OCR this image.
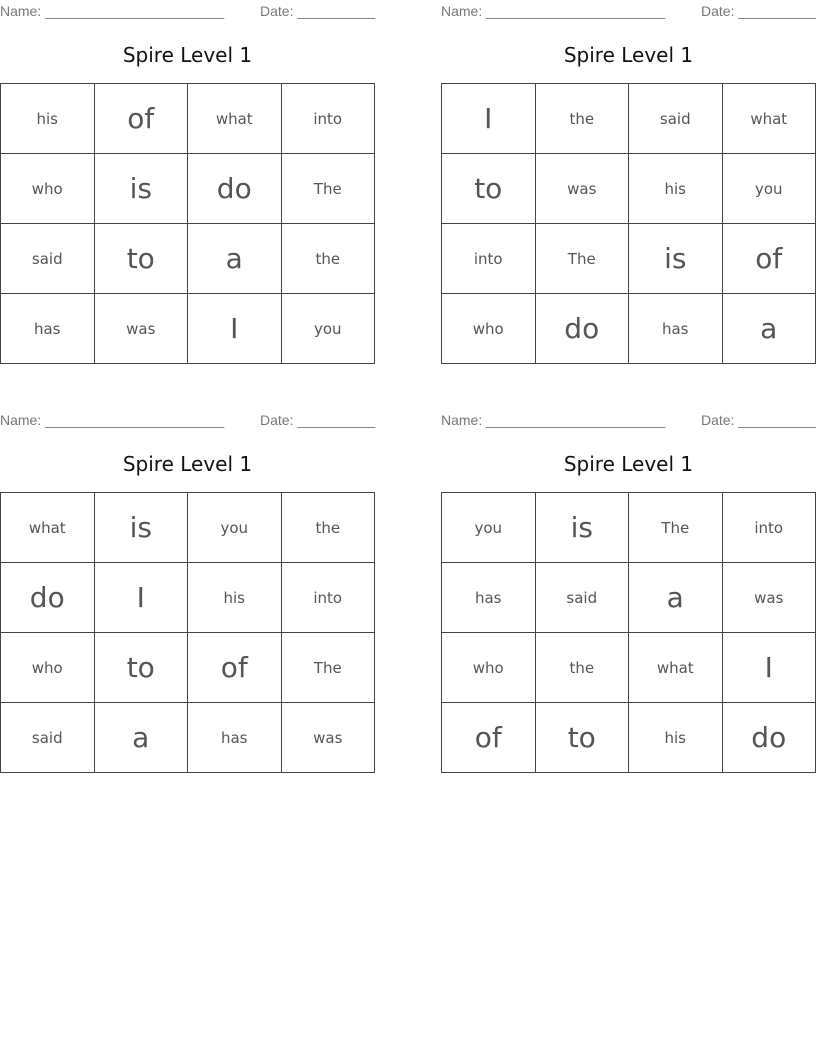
Name: _______________________	Date: __________
Spire Level 1
his	of	what	into
who	is	do	The
said	to	a	the
has	was	I	you
Name: _______________________	Date: __________
Spire Level 1
I	the	said	what
to	was	his	you
into	The	is	of
who	do	has	a
Name: _______________________	Date: __________
Spire Level 1
what	is	you	the
do	I	his	into
who	to	of	The
said	a	has	was
Name: _______________________	Date: __________
Spire Level 1
you	is	The	into
has	said	a	was
who	the	what	I
of	to	his	do
